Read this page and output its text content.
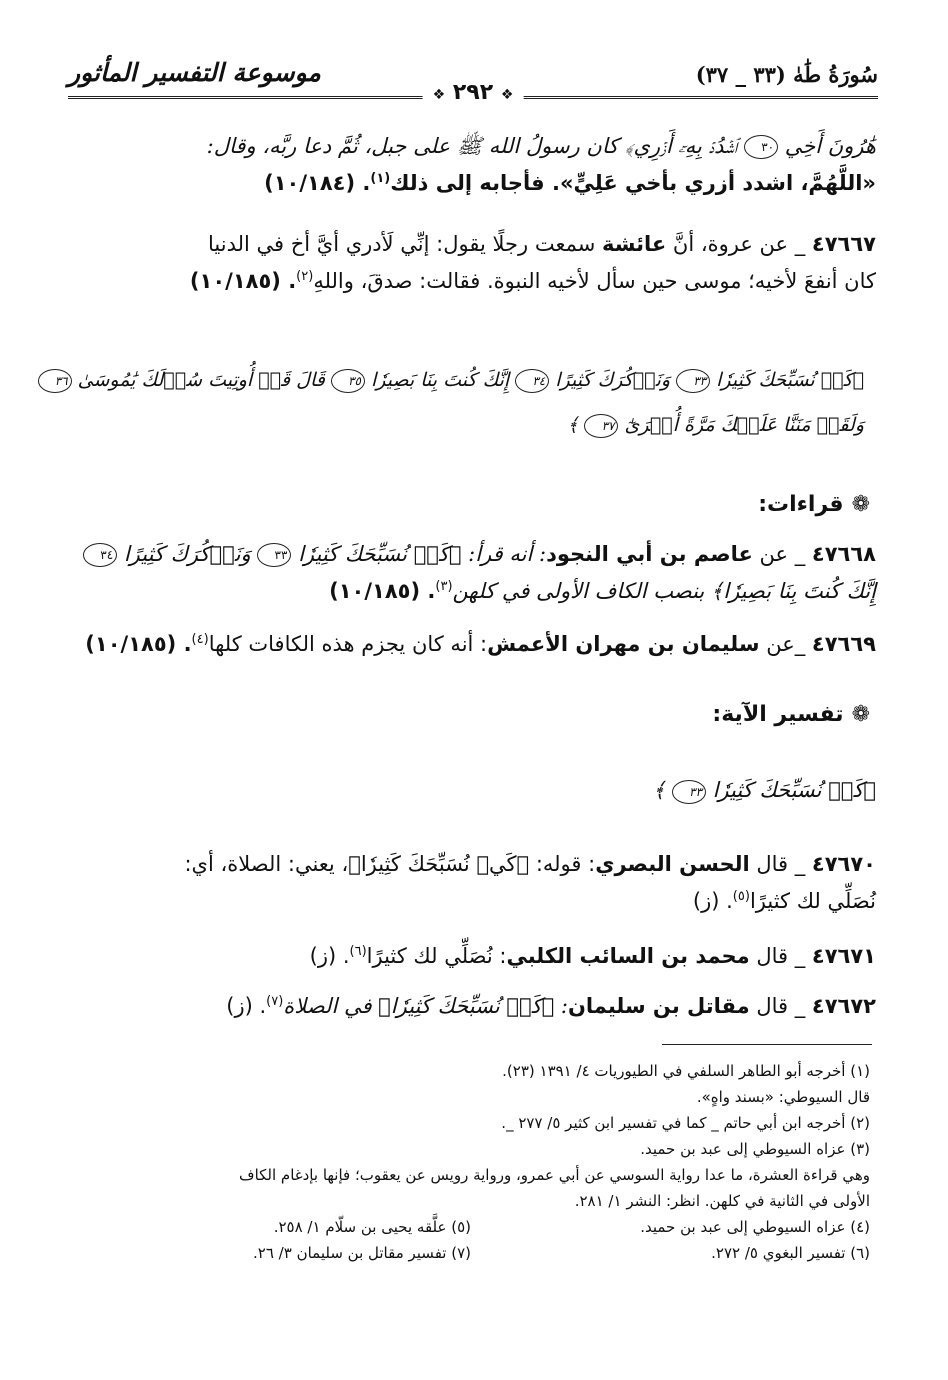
سُورَةُ طَٰهٰ (٣٣ _ ٣٧)
موسوعة التفسير المأثور
❖ ٢٩٢ ❖
هَٰرُونَ أَخِي ٣٠ ٱشۡدُدۡ بِهِۦٓ أَزۡرِي﴾ كان رسولُ الله ﷺ على جبل، ثُمَّ دعا ربَّه، وقال:
«اللَّهُمَّ، اشدد أزري بأخي عَلِيٍّ». فأجابه إلى ذلك$^{(١)}$. (١٠/١٨٤)
٤٧٦٦٧ _ عن عروة، أنَّ عائشة سمعت رجلًا يقول: إنِّي لَأدري أيَّ أخ في الدنيا
كان أنفعَ لأخيه؛ موسى حين سأل لأخيه النبوة. فقالت: صدقَ، واللهِ$^{(٢)}$. (١٠/١٨٥)
﴿كَيۡ نُسَبِّحَكَ كَثِيرٗا ٣٣ وَنَذۡكُرَكَ كَثِيرًا ٣٤ إِنَّكَ كُنتَ بِنَا بَصِيرٗا ٣٥ قَالَ قَدۡ أُوتِيتَ سُؤۡلَكَ يَٰمُوسَىٰ ٣٦
وَلَقَدۡ مَنَنَّا عَلَيۡكَ مَرَّةً أُخۡرَىٰٓ ٣٧ ﴾
❁قراءات:
٤٧٦٦٨ _ عن عاصم بن أبي النجود: أنه قرأ: ﴿كَيۡ نُسَبِّحَكَ كَثِيرٗا ٣٣ وَنَذۡكُرَكَ كَثِيرًا ٣٤
إِنَّكَ كُنتَ بِنَا بَصِيرٗا﴾ بنصب الكاف الأولى في كلهن$^{(٣)}$. (١٠/١٨٥)
٤٧٦٦٩ _عن سليمان بن مهران الأعمش: أنه كان يجزم هذه الكافات كلها$^{(٤)}$. (١٠/١٨٥)
❁تفسير الآية:
﴿كَيۡ نُسَبِّحَكَ كَثِيرٗا ٣٣ ﴾
٤٧٦٧٠ _ قال الحسن البصري: قوله: ﴿كَيۡ نُسَبِّحَكَ كَثِيرٗا﴾، يعني: الصلاة، أي:
نُصَلِّي لك كثيرًا$^{(٥)}$. (ز)
٤٧٦٧١ _ قال محمد بن السائب الكلبي: نُصَلِّي لك كثيرًا$^{(٦)}$. (ز)
٤٧٦٧٢ _ قال مقاتل بن سليمان: ﴿كَيۡ نُسَبِّحَكَ كَثِيرٗا﴾ في الصلاة$^{(٧)}$. (ز)
(١) أخرجه أبو الطاهر السلفي في الطيوريات ٤/ ١٣٩١ (٢٣).
قال السيوطي: «بسند واهٍ».
(٢) أخرجه ابن أبي حاتم _ كما في تفسير ابن كثير ٥/ ٢٧٧ _.
(٣) عزاه السيوطي إلى عبد بن حميد.
وهي قراءة العشرة، ما عدا رواية السوسي عن أبي عمرو، ورواية رويس عن يعقوب؛ فإنها بإدغام الكاف
الأولى في الثانية في كلهن. انظر: النشر ١/ ٢٨١.
(٤) عزاه السيوطي إلى عبد بن حميد.
(٥) علَّقه يحيى بن سلّام ١/ ٢٥٨.
(٦) تفسير البغوي ٥/ ٢٧٢.
(٧) تفسير مقاتل بن سليمان ٣/ ٢٦.
